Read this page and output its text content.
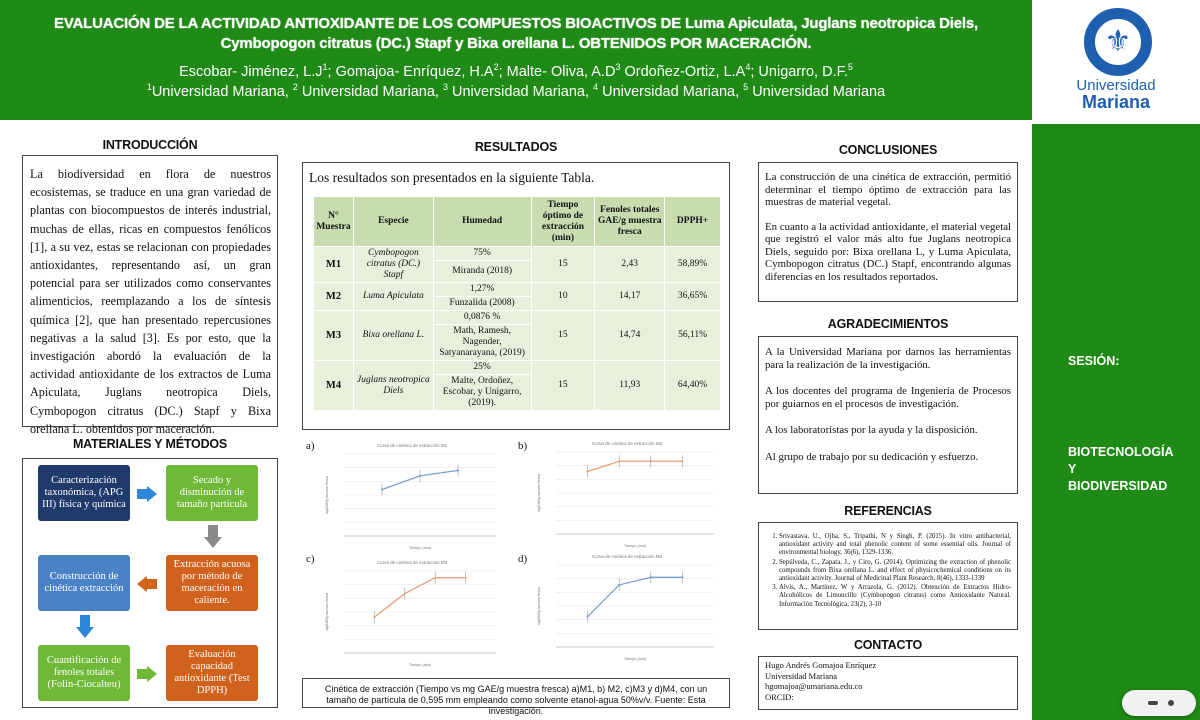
EVALUACIÓN DE LA ACTIVIDAD ANTIOXIDANTE DE LOS COMPUESTOS BIOACTIVOS DE Luma Apiculata, Juglans neotropica Diels, Cymbopogon citratus (DC.) Stapf y Bixa orellana L. OBTENIDOS POR MACERACIÓN.
Escobar- Jiménez, $L.J^1$; Gomajoa- Enríquez, $H.A^2$; Malte- Oliva, $A.D^3$ Ordoñez-Ortiz, $L.A^4$; Unigarro, D.F.$^5$
$^1$Universidad Mariana, $^2$ Universidad Mariana, $^3$ Universidad Mariana, $^4$ Universidad Mariana, $^5$ Universidad Mariana
⚜
Universidad
Mariana
SESIÓN:
BIOTECNOLOGÍA
Y
BIODIVERSIDAD
INTRODUCCIÓN
La biodiversidad en flora de nuestros ecosistemas, se traduce en una gran variedad de plantas con biocompuestos de interés industrial, muchas de ellas, ricas en compuestos fenólicos [1], a su vez, estas se relacionan con propiedades antioxidantes, representando así, un gran potencial para ser utilizados como conservantes alimenticios, reemplazando a los de síntesis química [2], que han presentado repercusiones negativas a la salud [3]. Es por esto, que la investigación abordó la evaluación de la actividad antioxidante de los extractos de Luma Apiculata, Juglans neotropica Diels, Cymbopogon citratus (DC.) Stapf y Bixa orellana L. obtenidos por maceración.
MATERIALES Y MÉTODOS
Caracterización taxonómica, (APG III) física y química
Secado y disminución de tamaño partícula
Extracción acuosa por método de maceración en caliente.
Construcción de cinética extracción
Cuantificación de fenoles totales (Folin-Ciocalteu)
Evaluación capacidad antioxidante (Test DPPH)
RESULTADOS
Los resultados son presentados en la siguiente Tabla.
N° Muestra	Especie	Humedad	Tiempo óptimo de extracción (min)	Fenoles totales GAE/g muestra fresca	DPPH+
M1	Cymbopogon citratus (DC.) Stapf	75%	15	2,43	58,89%
		Miranda (2018)			
M2	Luma Apiculata	1,27%	10	14,17	36,65%
		Funzalida (2008)			
M3	Bixa orellana L.	0,0876 %	15	14,74	56,11%
		Math, Ramesh, Nagender, Satyanarayana, (2019)			
M4	Juglans neotropica Diels	25%	15	11,93	64,40%
		Malte, Ordoñez, Escobar, y Unigarro, (2019).			
a)	Curva de cinética de extracción M1
Tiempo (min)
mgGAE/g muestra fresca
b)	Curva de cinética de extracción M2
Tiempo (min)
mgGAE/g muestra fresca
c)	Curva de cinética de extracción M3
Tiempo (min)
mgGAE/g muestra fresca
d)	Curva de cinética de extracción M4
Tiempo (min)
mgGAE/g muestra fresca
Cinética de extracción (Tiempo vs mg GAE/g muestra fresca) a)M1, b) M2, c)M3 y d)M4, con un tamaño de partícula de 0,595 mm empleando como solvente etanol-agua 50%v/v. Fuente: Esta investigación.
CONCLUSIONES
La construcción de una cinética de extracción, permitió determinar el tiempo óptimo de extracción para las muestras de material vegetal.
En cuanto a la actividad antioxidante, el material vegetal que registró el valor más alto fue Juglans neotropica Diels, seguido por: Bixa orellana L, y Luma Apiculata, Cymbopogon citratus (DC.) Stapf, encontrando algunas diferencias en los resultados reportados.
AGRADECIMIENTOS
A la Universidad Mariana por darnos las herramientas para la realización de la investigación.
A los docentes del programa de Ingeniería de Procesos por guiarnos en el procesos de investigación.
A los laboratoristas por la ayuda y la disposición.
Al grupo de trabajo por su dedicación y esfuerzo.
REFERENCIAS
1. Srivastava, U., Ojha, S., Tripathi, N y Singh, P. (2015). In vitro antibacterial, antioxidant activity and total phenolic content of some essential oils. Journal of environmental biology, 36(6), 1329-1336.
2. Sepúlveda, C., Zapata, J., y Ciro, G. (2014). Optimizing the extraction of phenolic compounds from Bixa orellana L. and effect of physicochemical conditions on its antioxidant activity. Journal of Medicinal Plant Research, 8(46), 1333-1339
3. Alvis, A., Martínez, W y Arrazola, G. (2012). Obtención de Extractos Hidro-Alcohólicos de Limoncillo (Cymbopogon citratus) como Antioxidante Natural. Información Tecnológica, 23(2), 3-10
CONTACTO
Hugo Andrés Gomajoa Enríquez
Universidad Mariana
hgomajoa@umariana.edu.co
ORCID:
